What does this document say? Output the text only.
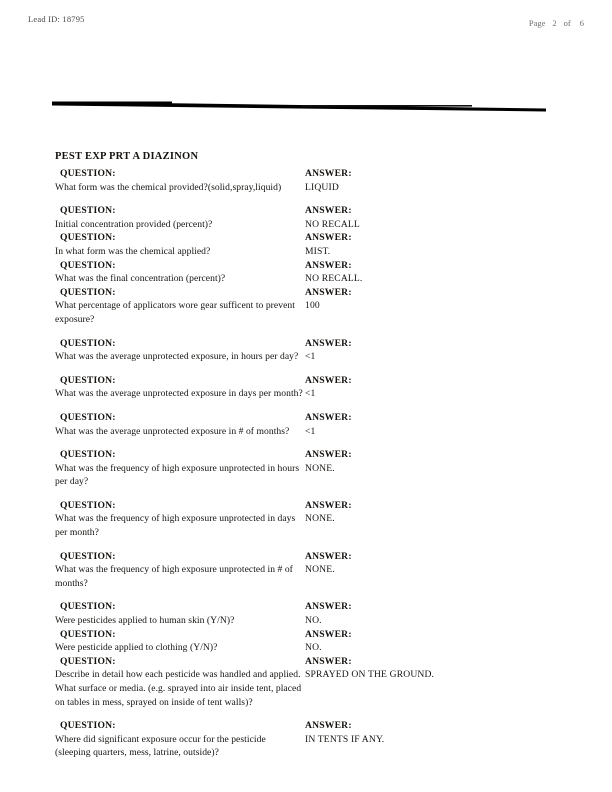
Lead ID: 18795	Page 2 of 6
PEST EXP PRT A DIAZINON
QUESTION:
What form was the chemical provided?(solid,spray,liquid)

ANSWER:
LIQUID

QUESTION:
Initial concentration provided (percent)?

ANSWER:
NO RECALL

QUESTION:
In what form was the chemical applied?

ANSWER:
MIST.

QUESTION:
What was the final concentration (percent)?

ANSWER:
NO RECALL.

QUESTION:
What percentage of applicators wore gear sufficent to prevent exposure?

ANSWER:
100

QUESTION:
What was the average unprotected exposure, in hours per day?

ANSWER:
<1

QUESTION:
What was the average unprotected exposure in days per month?

ANSWER:
<1

QUESTION:
What was the average unprotected exposure in # of months?

ANSWER:
<1

QUESTION:
What was the frequency of high exposure unprotected in hours per day?

ANSWER:
NONE.

QUESTION:
What was the frequency of high exposure unprotected in days per month?

ANSWER:
NONE.

QUESTION:
What was the frequency of high exposure unprotected in # of months?

ANSWER:
NONE.

QUESTION:
Were pesticides applied to human skin (Y/N)?

ANSWER:
NO.

QUESTION:
Were pesticide applied to clothing (Y/N)?

ANSWER:
NO.

QUESTION:
Describe in detail how each pesticide was handled and applied. What surface or media. (e.g. sprayed into air inside tent, placed on tables in mess, sprayed on inside of tent walls)?

ANSWER:
SPRAYED ON THE GROUND.

QUESTION:
Where did significant exposure occur for the pesticide (sleeping quarters, mess, latrine, outside)?

ANSWER:
IN TENTS IF ANY.
